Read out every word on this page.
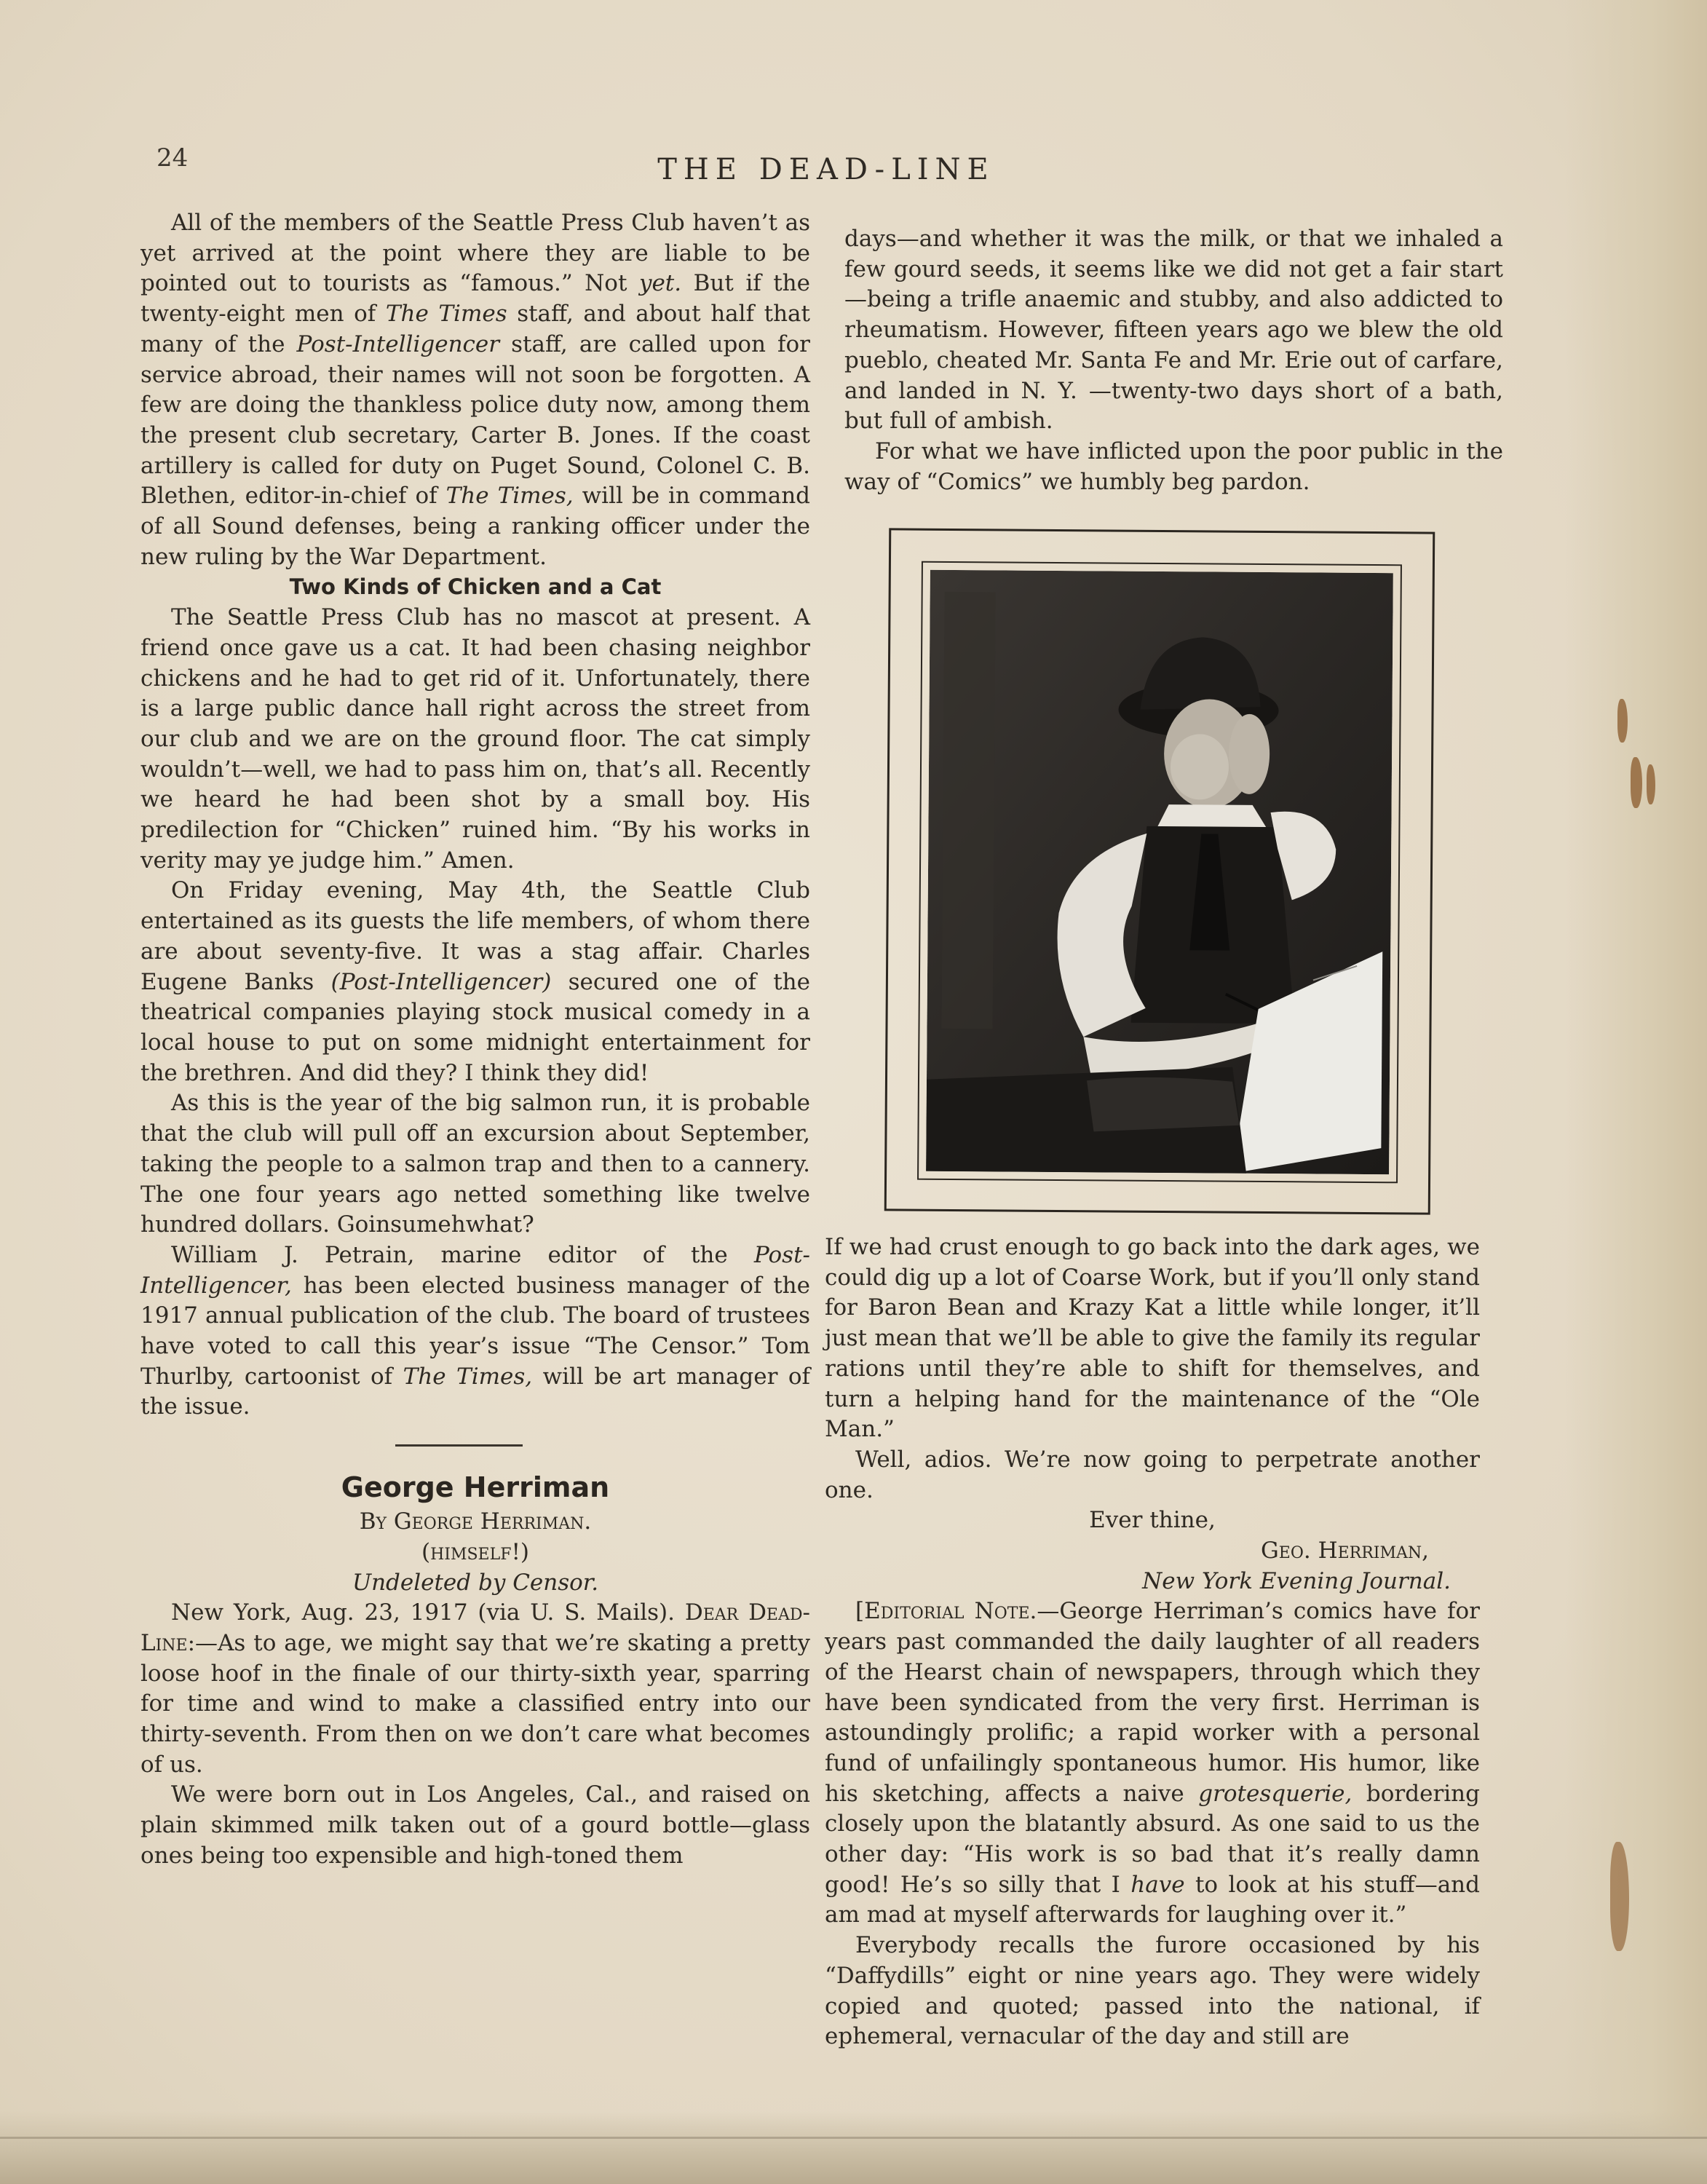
24	THE DEAD-LINE

All of the members of the Seattle Press Club haven’t as yet arrived at the point where they are liable to be pointed out to tourists as “famous.” Not yet. But if the twenty-eight men of The Times staff, and about half that many of the Post-Intelligencer staff, are called upon for service abroad, their names will not soon be forgotten. A few are doing the thankless police duty now, among them the present club secretary, Carter B. Jones. If the coast artillery is called for duty on Puget Sound, Colonel C. B. Blethen, editor-in-chief of The Times, will be in command of all Sound defenses, being a ranking officer under the new ruling by the War Department.

Two Kinds of Chicken and a Cat

The Seattle Press Club has no mascot at present. A friend once gave us a cat. It had been chasing neighbor chickens and he had to get rid of it. Unfortunately, there is a large public dance hall right across the street from our club and we are on the ground floor. The cat simply wouldn’t—well, we had to pass him on, that’s all. Recently we heard he had been shot by a small boy. His predilection for “Chicken” ruined him. “By his works in verity may ye judge him.” Amen.

On Friday evening, May 4th, the Seattle Club entertained as its guests the life members, of whom there are about seventy-five. It was a stag affair. Charles Eugene Banks (Post-Intelligencer) secured one of the theatrical companies playing stock musical comedy in a local house to put on some midnight entertainment for the brethren. And did they? I think they did!

As this is the year of the big salmon run, it is probable that the club will pull off an excursion about September, taking the people to a salmon trap and then to a cannery. The one four years ago netted something like twelve hundred dollars. Goinsumehwhat?

William J. Petrain, marine editor of the Post-Intelligencer, has been elected business manager of the 1917 annual publication of the club. The board of trustees have voted to call this year’s issue “The Censor.” Tom Thurlby, cartoonist of The Times, will be art manager of the issue.

George Herriman

By George Herriman.

(himself!)

Undeleted by Censor.

New York, Aug. 23, 1917 (via U. S. Mails). Dear Dead-Line:—As to age, we might say that we’re skating a pretty loose hoof in the finale of our thirty-sixth year, sparring for time and wind to make a classified entry into our thirty-seventh. From then on we don’t care what becomes of us.

We were born out in Los Angeles, Cal., and raised on plain skimmed milk taken out of a gourd bottle—glass ones being too expensible and high-toned them

days—and whether it was the milk, or that we inhaled a few gourd seeds, it seems like we did not get a fair start—being a trifle anaemic and stubby, and also addicted to rheumatism. However, fifteen years ago we blew the old pueblo, cheated Mr. Santa Fe and Mr. Erie out of carfare, and landed in N. Y. —twenty-two days short of a bath, but full of ambish.

For what we have inflicted upon the poor public in the way of “Comics” we humbly beg pardon.

If we had crust enough to go back into the dark ages, we could dig up a lot of Coarse Work, but if you’ll only stand for Baron Bean and Krazy Kat a little while longer, it’ll just mean that we’ll be able to give the family its regular rations until they’re able to shift for themselves, and turn a helping hand for the maintenance of the “Ole Man.”

Well, adios. We’re now going to perpetrate another one.

Ever thine,

Geo. Herriman,

New York Evening Journal.

[Editorial Note.—George Herriman’s comics have for years past commanded the daily laughter of all readers of the Hearst chain of newspapers, through which they have been syndicated from the very first. Herriman is astoundingly prolific; a rapid worker with a personal fund of unfailingly spontaneous humor. His humor, like his sketching, affects a naive grotesquerie, bordering closely upon the blatantly absurd. As one said to us the other day: “His work is so bad that it’s really damn good! He’s so silly that I have to look at his stuff—and am mad at myself afterwards for laughing over it.”

Everybody recalls the furore occasioned by his “Daffydills” eight or nine years ago. They were widely copied and quoted; passed into the national, if ephemeral, vernacular of the day and still are
